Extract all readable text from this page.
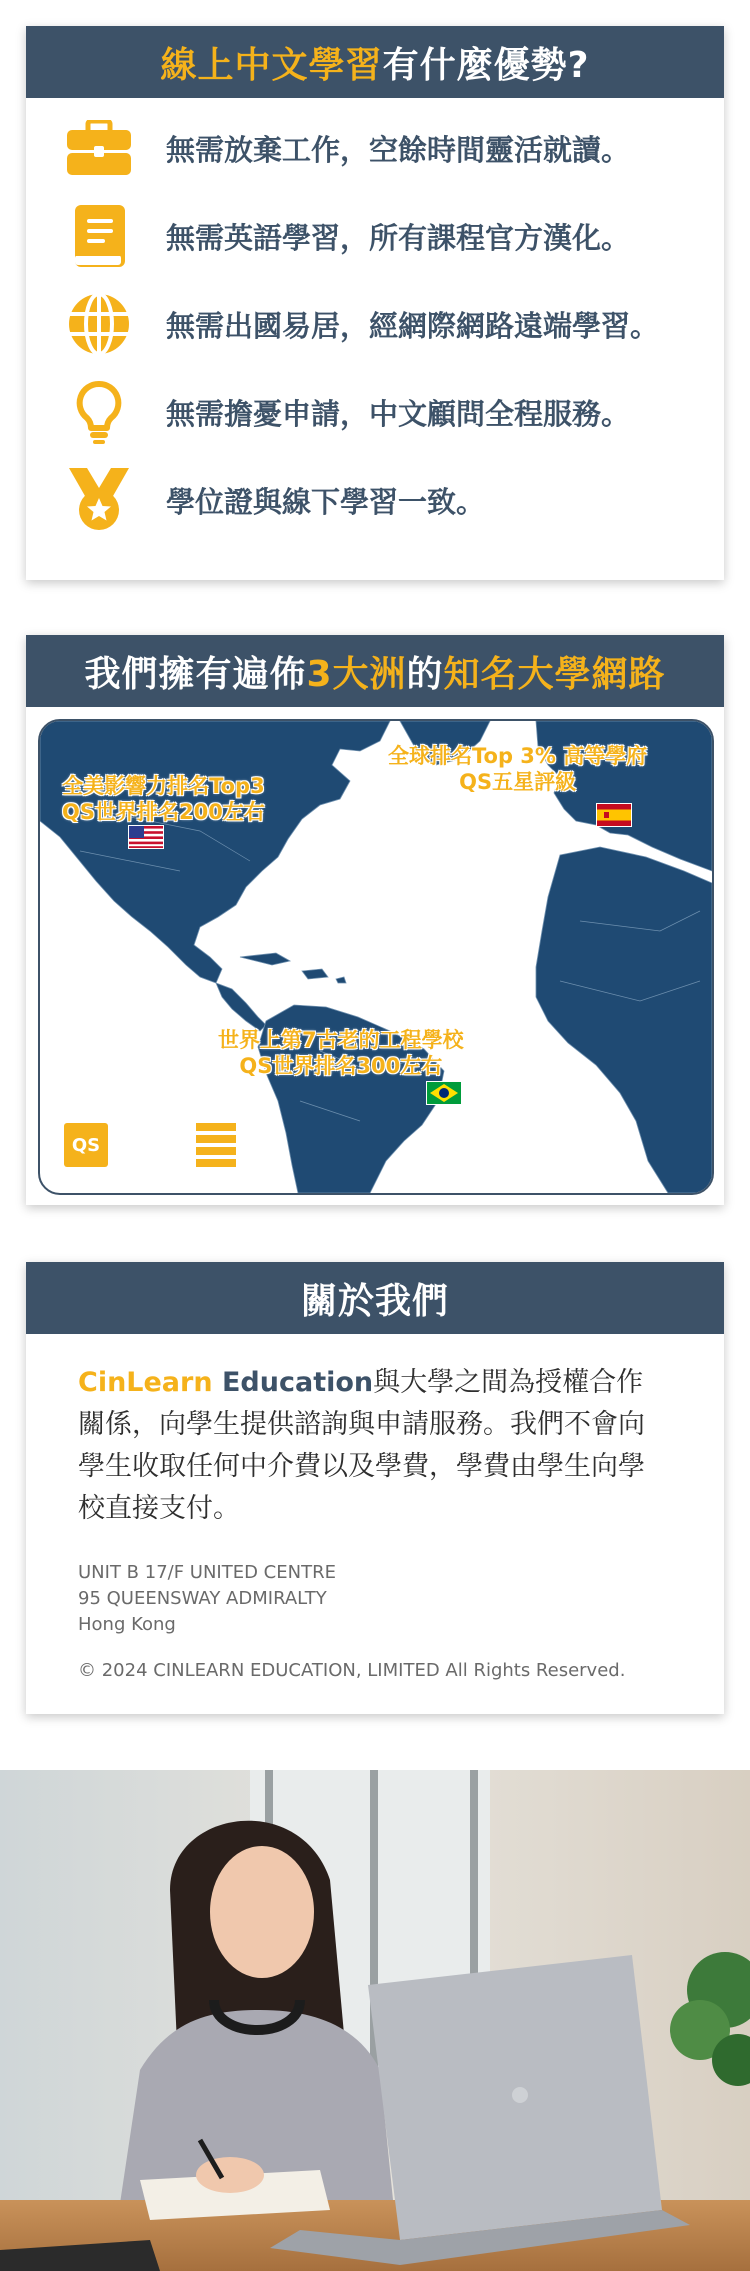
線上中文學習 有什麼優勢?
無需放棄工作，空餘時間靈活就讀。
無需英語學習，所有課程官方漢化。
無需出國易居，經網際網路遠端學習。
無需擔憂申請，中文顧問全程服務。
學位證與線下學習一致。
我們擁有遍佈 3大洲 的 知名大學網路
全美影響力排名Top3
QS世界排名200左右
全球排名Top 3% 高等學府
QS五星評級
世界上第7古老的工程學校
QS世界排名300左右
QS
WORLD
UNIVERSITY
RANKINGS
關於我們

CinLearn Education與大學之間為授權合作關係，向學生提供諮詢與申請服務。我們不會向學生收取任何中介費以及學費，學費由學生向學校直接支付。

UNIT B 17/F UNITED CENTRE
95 QUEENSWAY ADMIRALTY
Hong Kong
© 2024 CINLEARN EDUCATION, LIMITED All Rights Reserved.
